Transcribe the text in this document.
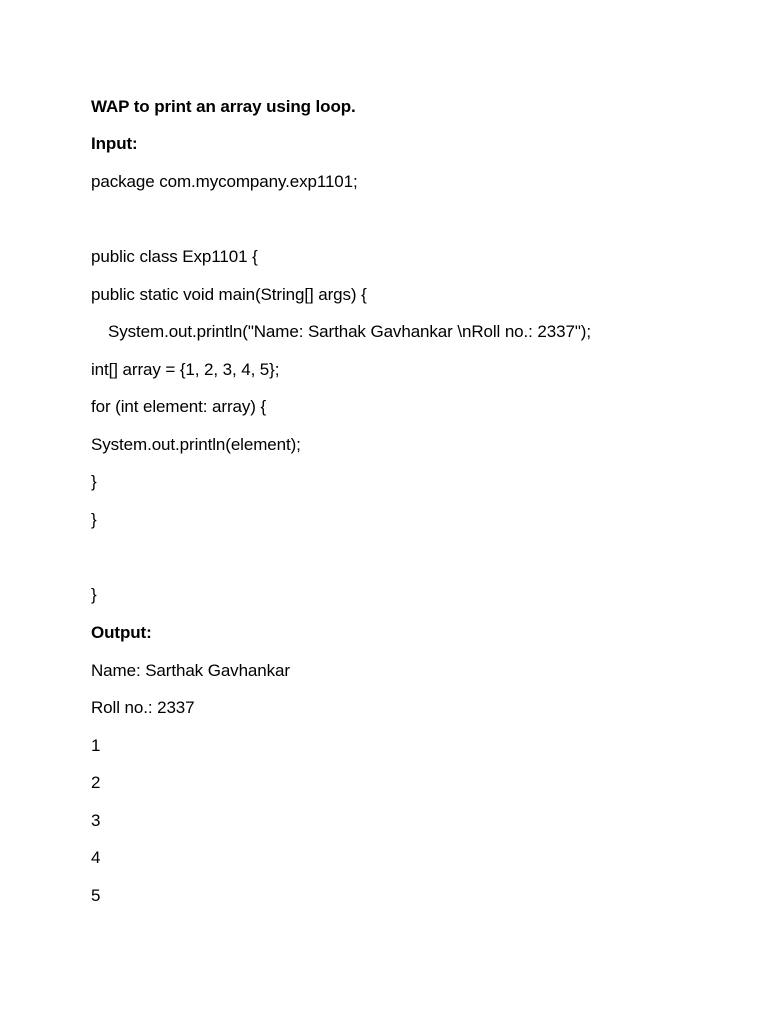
WAP to print an array using loop.
Input:
package com.mycompany.exp1101;
public class Exp1101 {
public static void main(String[] args) {
System.out.println("Name: Sarthak Gavhankar \nRoll no.: 2337");
int[] array = {1, 2, 3, 4, 5};
for (int element: array) {
System.out.println(element);
}
}
}
Output:
Name: Sarthak Gavhankar
Roll no.: 2337
1
2
3
4
5
